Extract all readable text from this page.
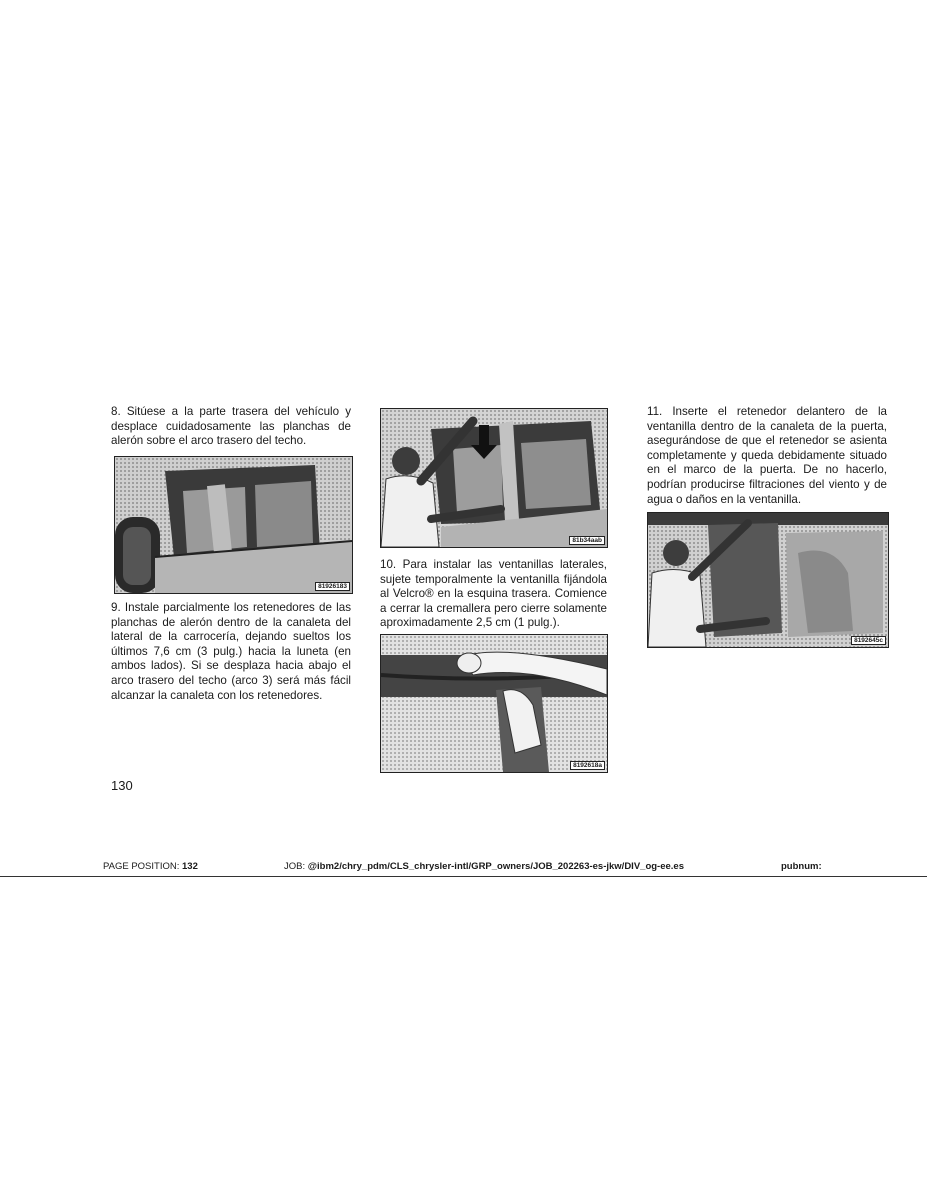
8. Sitúese a la parte trasera del vehículo y desplace cuidadosamente las planchas de alerón sobre el arco trasero del techo.

81926183

9. Instale parcialmente los retenedores de las planchas de alerón dentro de la canaleta del lateral de la carrocería, dejando sueltos los últimos 7,6 cm (3 pulg.) hacia la luneta (en ambos lados). Si se desplaza hacia abajo el arco trasero del techo (arco 3) será más fácil alcanzar la canaleta con los retenedores.

81b34aab

10. Para instalar las ventanillas laterales, sujete temporalmente la ventanilla fijándola al Velcro® en la esquina trasera. Comience a cerrar la cremallera pero cierre solamente aproximadamente 2,5 cm (1 pulg.).

8192618a

11. Inserte el retenedor delantero de la ventanilla dentro de la canaleta de la puerta, asegurándose de que el retenedor se asienta completamente y queda debidamente situado en el marco de la puerta. De no hacerlo, podrían producirse filtraciones del viento y de agua o daños en la ventanilla.

8192645c
130
PAGE POSITION: 132	JOB: @ibm2/chry_pdm/CLS_chrysler-intl/GRP_owners/JOB_202263-es-jkw/DIV_og-ee.es	pubnum:
